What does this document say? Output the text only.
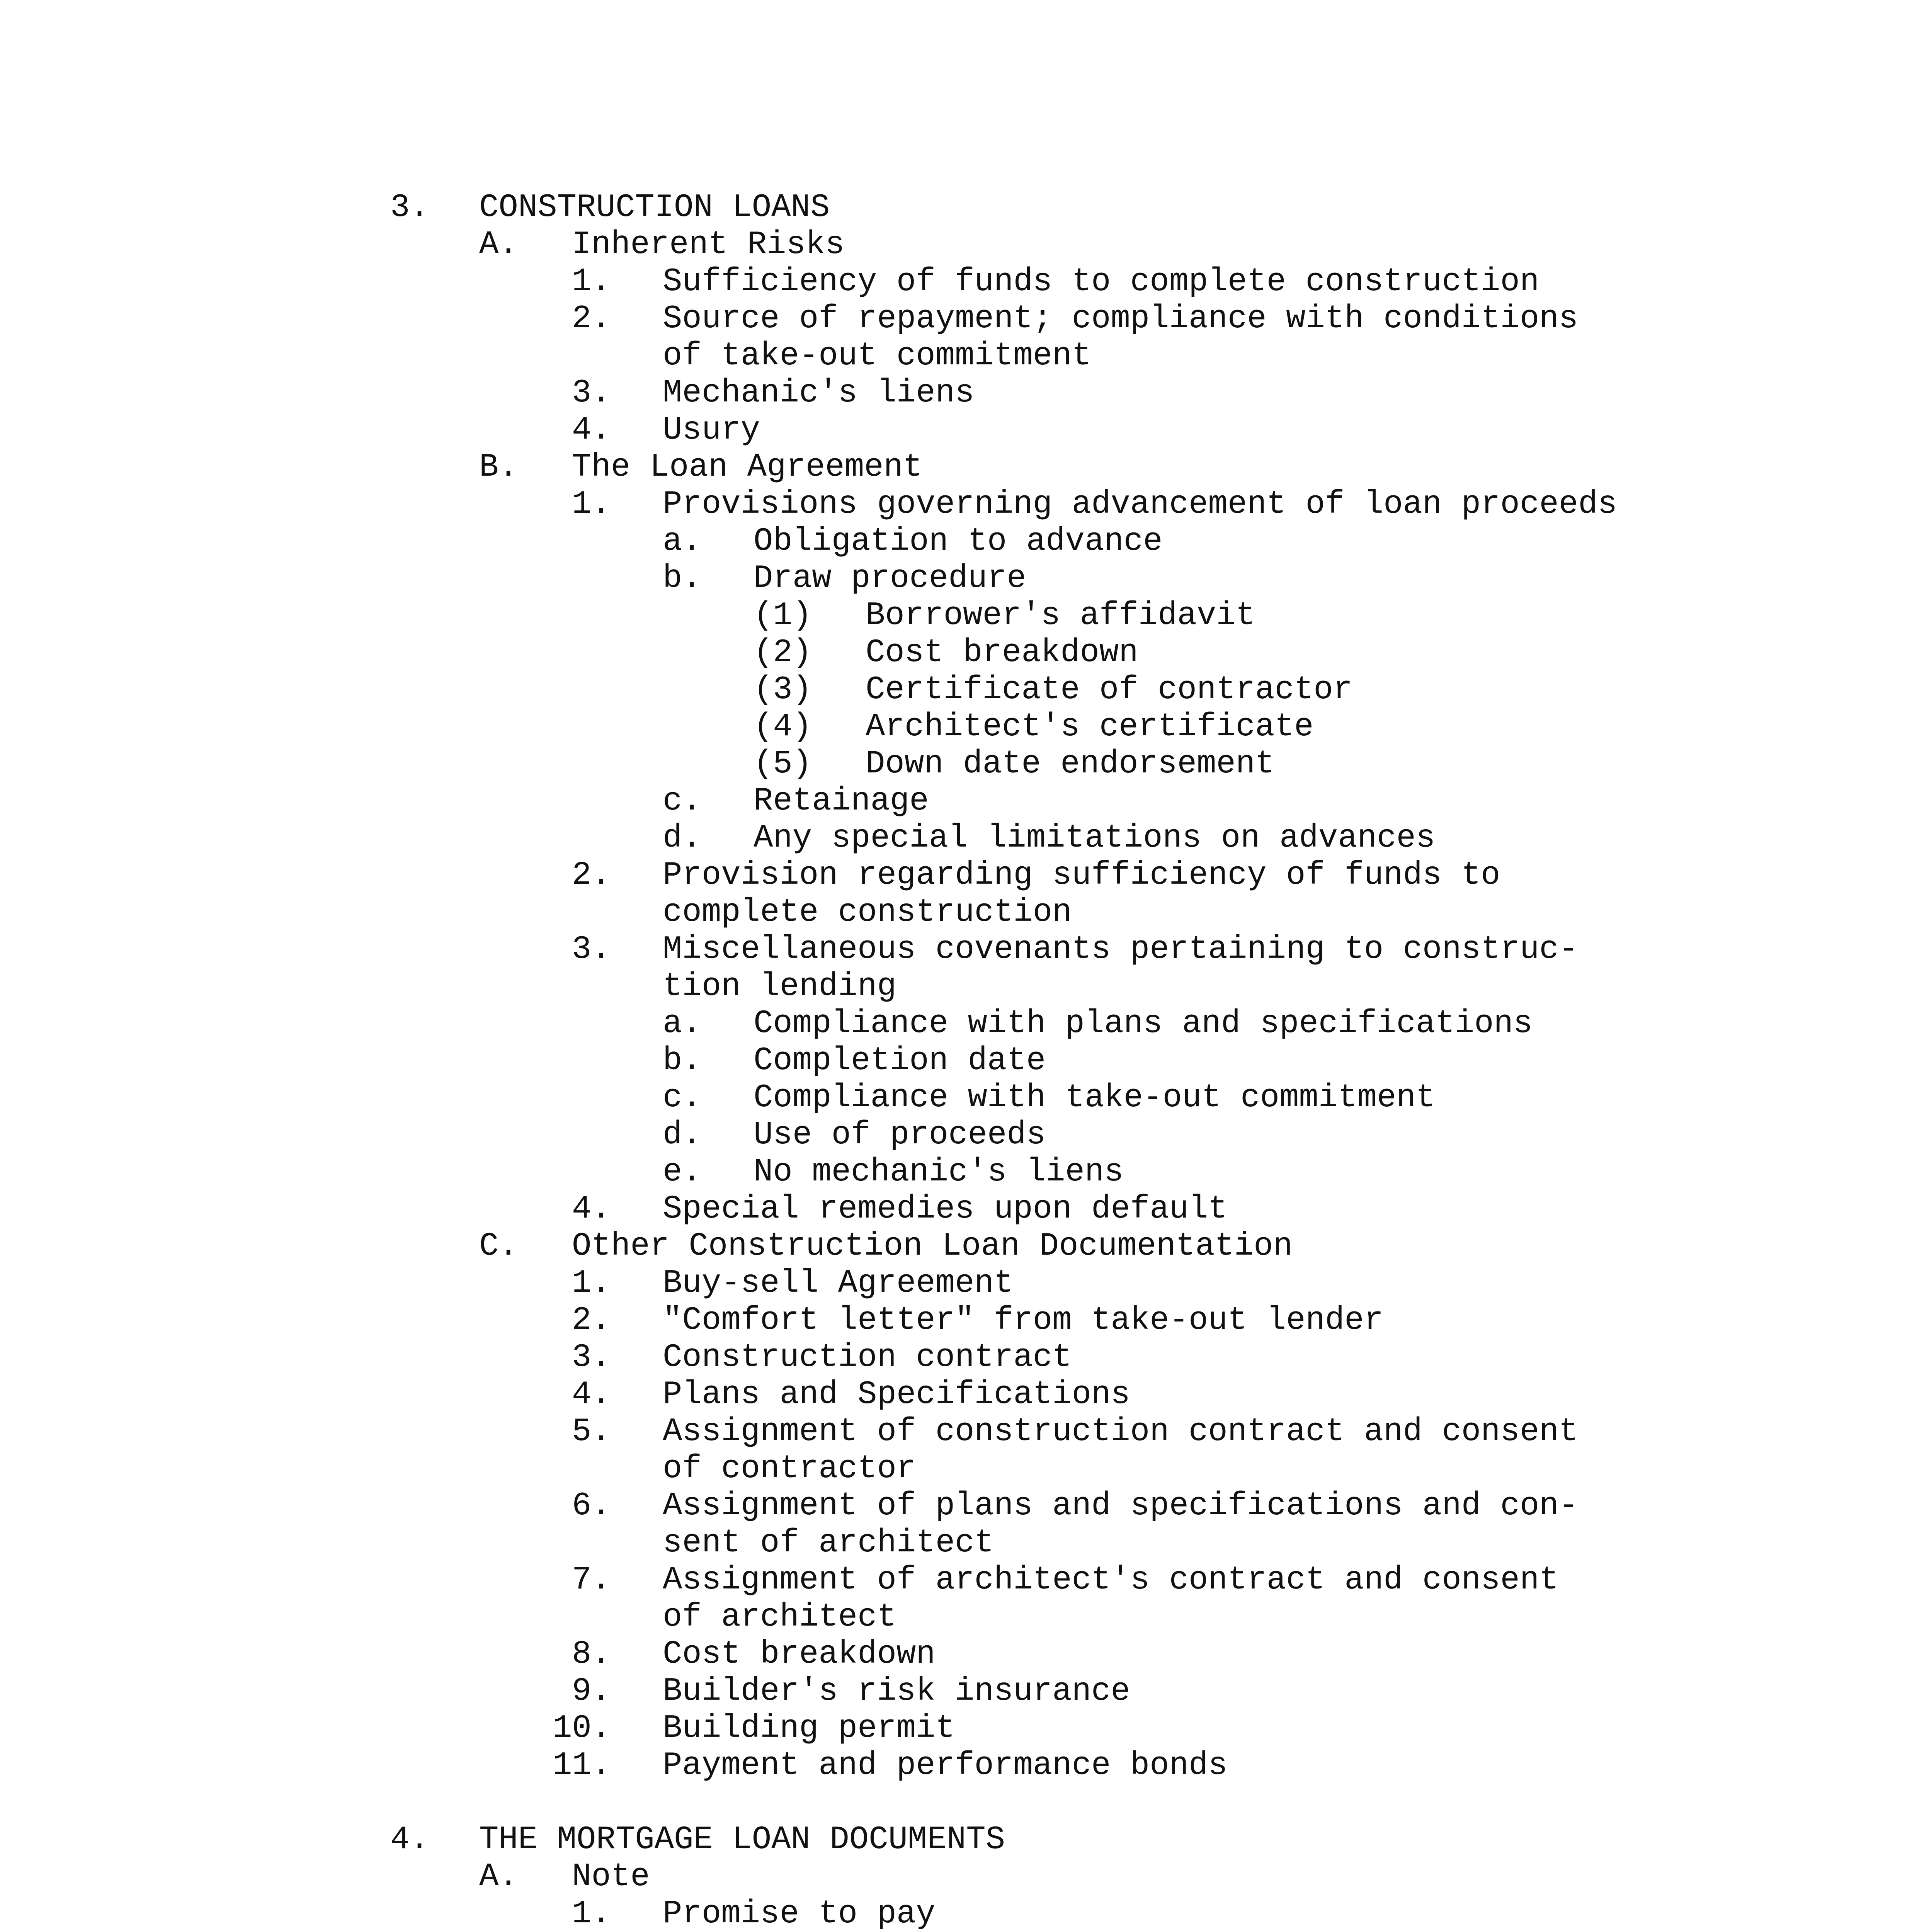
3. CONSTRUCTION LOANS
A. Inherent Risks
1. Sufficiency of funds to complete construction
2. Source of repayment; compliance with conditions
of take-out commitment
3. Mechanic's liens
4. Usury
B. The Loan Agreement
1. Provisions governing advancement of loan proceeds
a. Obligation to advance
b. Draw procedure
(1) Borrower's affidavit
(2) Cost breakdown
(3) Certificate of contractor
(4) Architect's certificate
(5) Down date endorsement
c. Retainage
d. Any special limitations on advances
2. Provision regarding sufficiency of funds to
complete construction
3. Miscellaneous covenants pertaining to construc-
tion lending
a. Compliance with plans and specifications
b. Completion date
c. Compliance with take-out commitment
d. Use of proceeds
e. No mechanic's liens
4. Special remedies upon default
C. Other Construction Loan Documentation
1. Buy-sell Agreement
2. "Comfort letter" from take-out lender
3. Construction contract
4. Plans and Specifications
5. Assignment of construction contract and consent
of contractor
6. Assignment of plans and specifications and con-
sent of architect
7. Assignment of architect's contract and consent
of architect
8. Cost breakdown
9. Builder's risk insurance
10. Building permit
11. Payment and performance bonds
4. THE MORTGAGE LOAN DOCUMENTS
A. Note
1. Promise to pay
